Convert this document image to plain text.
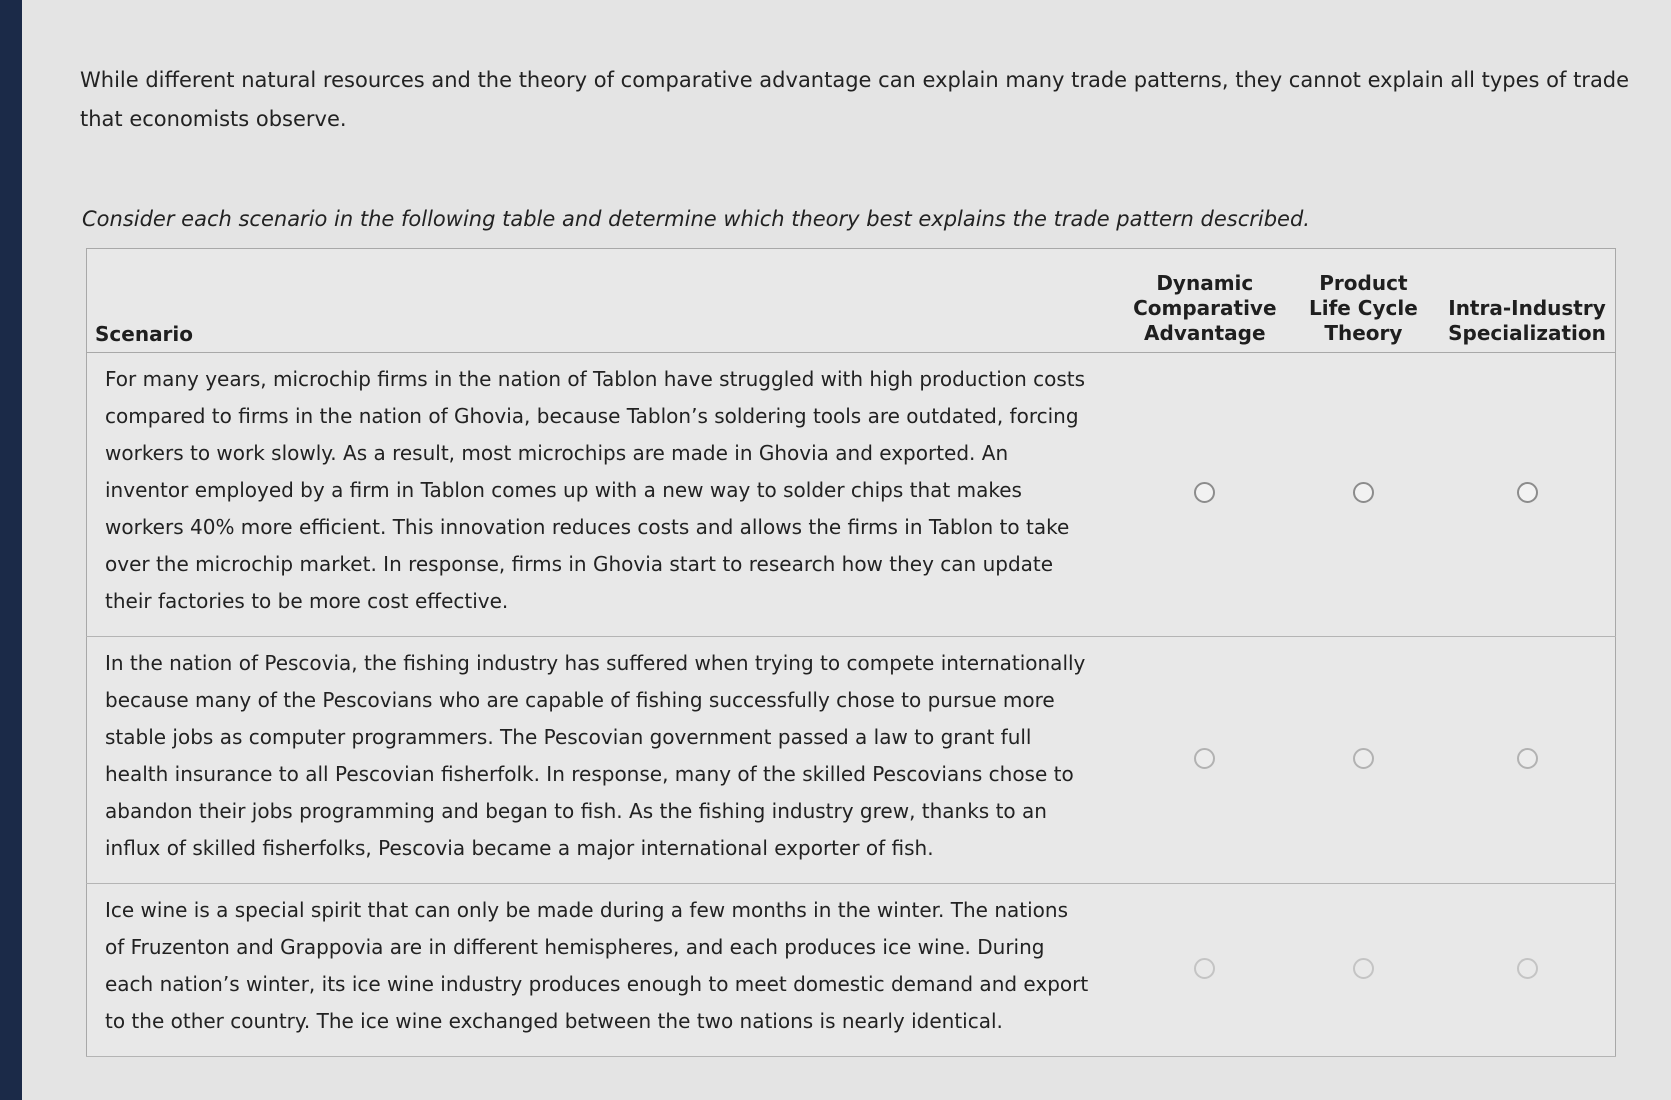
While different natural resources and the theory of comparative advantage can explain many trade patterns, they cannot explain all types of trade that economists observe.

Consider each scenario in the following table and determine which theory best explains the trade pattern described.

Scenario	Dynamic Comparative Advantage	Product Life Cycle Theory	Intra-Industry Specialization
For many years, microchip firms in the nation of Tablon have struggled with high production costs compared to firms in the nation of Ghovia, because Tablon’s soldering tools are outdated, forcing workers to work slowly. As a result, most microchips are made in Ghovia and exported. An inventor employed by a firm in Tablon comes up with a new way to solder chips that makes workers 40% more efficient. This innovation reduces costs and allows the firms in Tablon to take over the microchip market. In response, firms in Ghovia start to research how they can update their factories to be more cost effective.			
In the nation of Pescovia, the fishing industry has suffered when trying to compete internationally because many of the Pescovians who are capable of fishing successfully chose to pursue more stable jobs as computer programmers. The Pescovian government passed a law to grant full health insurance to all Pescovian fisherfolk. In response, many of the skilled Pescovians chose to abandon their jobs programming and began to fish. As the fishing industry grew, thanks to an influx of skilled fisherfolks, Pescovia became a major international exporter of fish.			
Ice wine is a special spirit that can only be made during a few months in the winter. The nations of Fruzenton and Grappovia are in different hemispheres, and each produces ice wine. During each nation’s winter, its ice wine industry produces enough to meet domestic demand and export to the other country. The ice wine exchanged between the two nations is nearly identical.			
